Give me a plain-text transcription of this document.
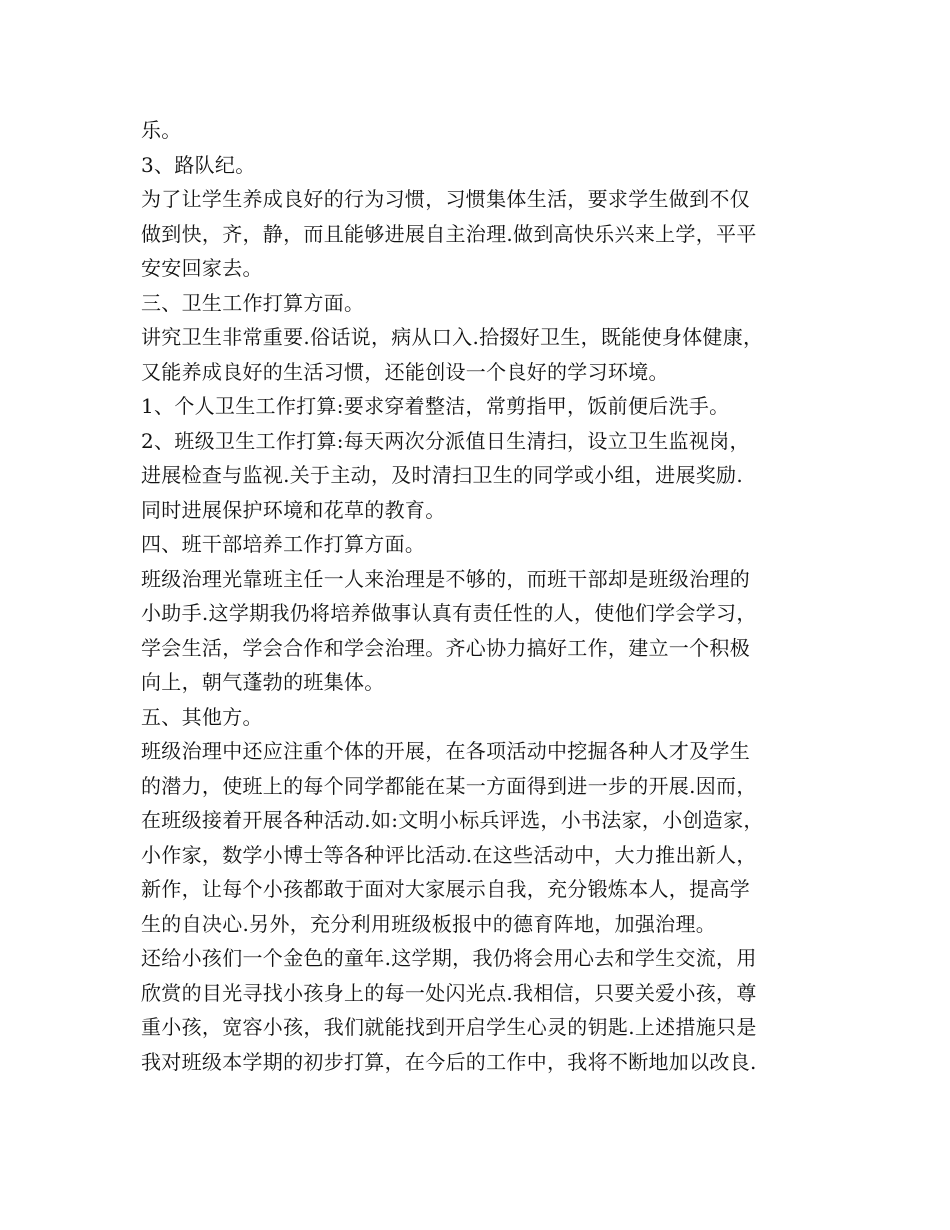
乐。
3、路队纪。
为了让学生养成良好的行为习惯，习惯集体生活，要求学生做到不仅
做到快，齐，静，而且能够进展自主治理.做到高快乐兴来上学，平平
安安回家去。
三、卫生工作打算方面。
讲究卫生非常重要.俗话说，病从口入.拾掇好卫生，既能使身体健康，
又能养成良好的生活习惯，还能创设一个良好的学习环境。
1、个人卫生工作打算:要求穿着整洁，常剪指甲，饭前便后洗手。
2、班级卫生工作打算:每天两次分派值日生清扫，设立卫生监视岗，
进展检查与监视.关于主动，及时清扫卫生的同学或小组，进展奖励.
同时进展保护环境和花草的教育。
四、班干部培养工作打算方面。
班级治理光靠班主任一人来治理是不够的，而班干部却是班级治理的
小助手.这学期我仍将培养做事认真有责任性的人，使他们学会学习，
学会生活，学会合作和学会治理。齐心协力搞好工作，建立一个积极
向上，朝气蓬勃的班集体。
五、其他方。
班级治理中还应注重个体的开展，在各项活动中挖掘各种人才及学生
的潜力，使班上的每个同学都能在某一方面得到进一步的开展.因而，
在班级接着开展各种活动.如:文明小标兵评选，小书法家，小创造家，
小作家，数学小博士等各种评比活动.在这些活动中，大力推出新人，
新作，让每个小孩都敢于面对大家展示自我，充分锻炼本人，提高学
生的自决心.另外，充分利用班级板报中的德育阵地，加强治理。
还给小孩们一个金色的童年.这学期，我仍将会用心去和学生交流，用
欣赏的目光寻找小孩身上的每一处闪光点.我相信，只要关爱小孩，尊
重小孩，宽容小孩，我们就能找到开启学生心灵的钥匙.上述措施只是
我对班级本学期的初步打算，在今后的工作中，我将不断地加以改良.
